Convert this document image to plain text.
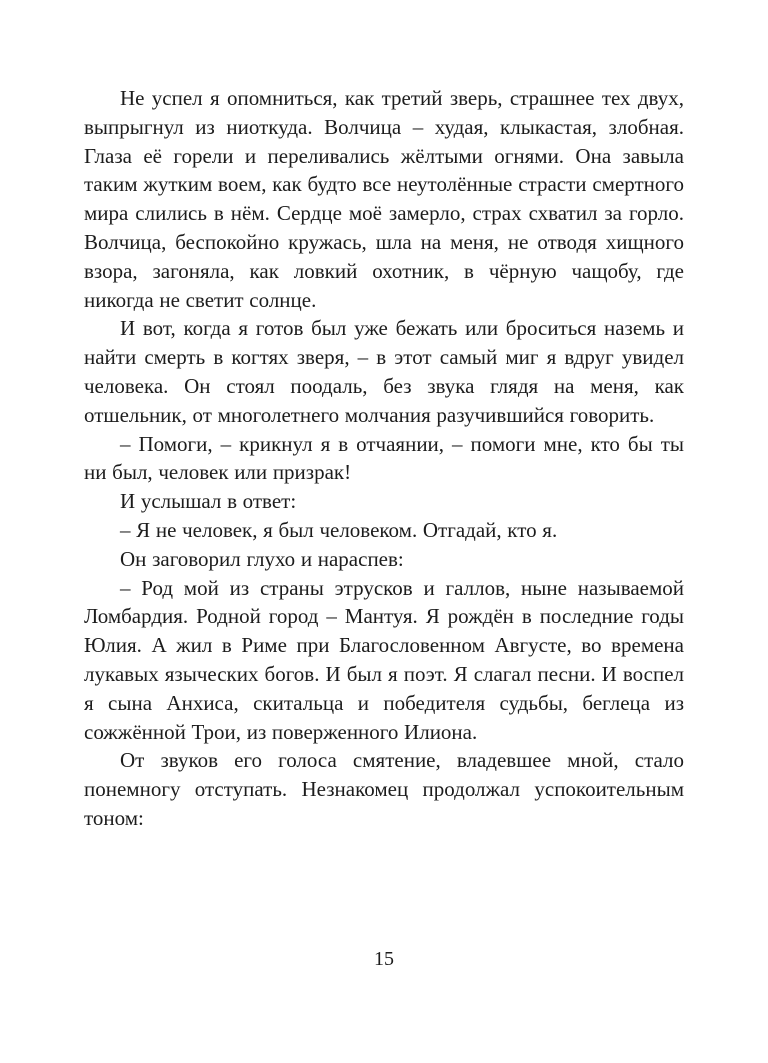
Не успел я опомниться, как третий зверь, страшнее тех двух, выпрыгнул из ниоткуда. Волчица – худая, клыкастая, злобная. Глаза её горели и переливались жёлтыми огнями. Она завыла таким жутким воем, как будто все неутолённые страсти смертного мира слились в нём. Сердце моё замерло, страх схватил за горло. Волчица, беспокойно кружась, шла на меня, не отводя хищного взора, загоняла, как ловкий охотник, в чёрную чащобу, где никогда не светит солнце.

И вот, когда я готов был уже бежать или броситься наземь и найти смерть в когтях зверя, – в этот самый миг я вдруг увидел человека. Он стоял поодаль, без звука глядя на меня, как отшельник, от многолетнего молчания разучившийся говорить.

– Помоги, – крикнул я в отчаянии, – помоги мне, кто бы ты ни был, человек или призрак!

И услышал в ответ:

– Я не человек, я был человеком. Отгадай, кто я.

Он заговорил глухо и нараспев:

– Род мой из страны этрусков и галлов, ныне называемой Ломбардия. Родной город – Мантуя. Я рождён в последние годы Юлия. А жил в Риме при Благословенном Августе, во времена лукавых языческих богов. И был я поэт. Я слагал песни. И воспел я сына Анхиса, скитальца и победителя судьбы, беглеца из сожжённой Трои, из поверженного Илиона.

От звуков его голоса смятение, владевшее мной, стало понемногу отступать. Незнакомец продолжал успокоительным тоном:

15
